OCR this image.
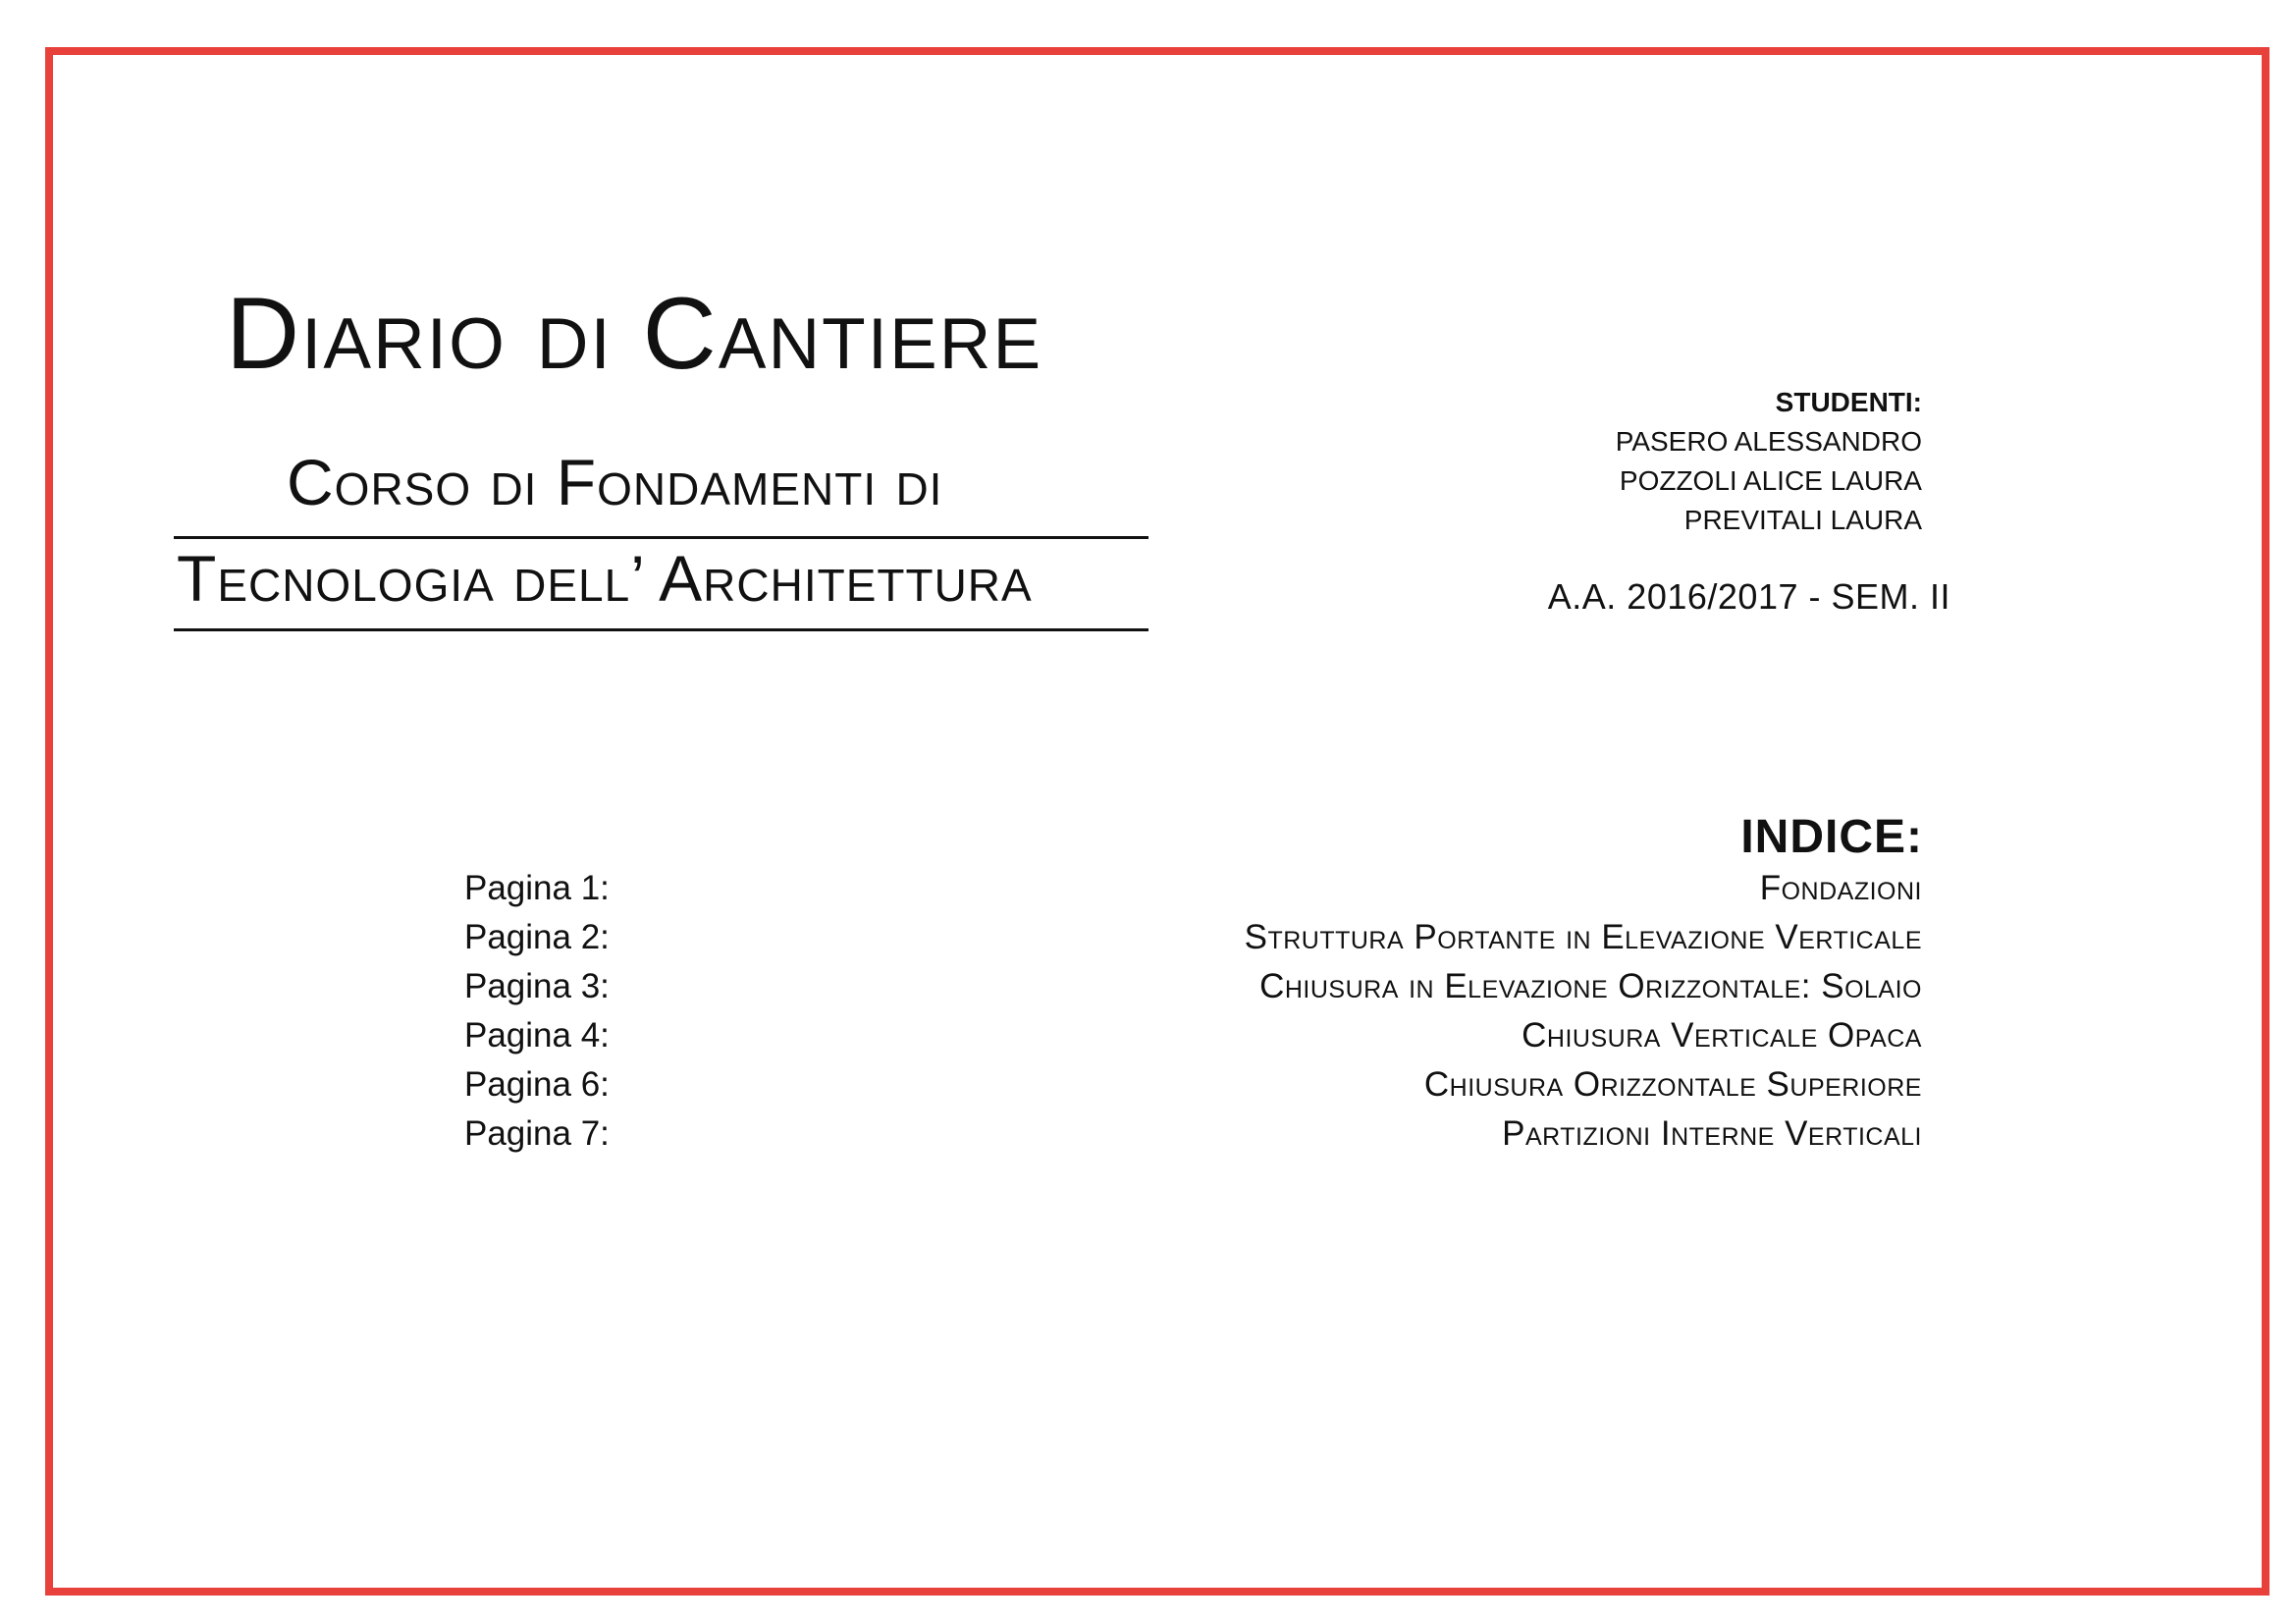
Diario di Cantiere
Corso di Fondamenti di
Tecnologia dell’ Architettura
STUDENTI:
PASERO ALESSANDRO
POZZOLI ALICE LAURA
PREVITALI LAURA
A.A. 2016/2017 - SEM. II
INDICE:
Pagina 1:
Pagina 2:
Pagina 3:
Pagina 4:
Pagina 6:
Pagina 7:
Fondazioni
Struttura Portante in Elevazione Verticale
Chiusura in Elevazione Orizzontale: Solaio
Chiusura Verticale Opaca
Chiusura Orizzontale Superiore
Partizioni Interne Verticali
